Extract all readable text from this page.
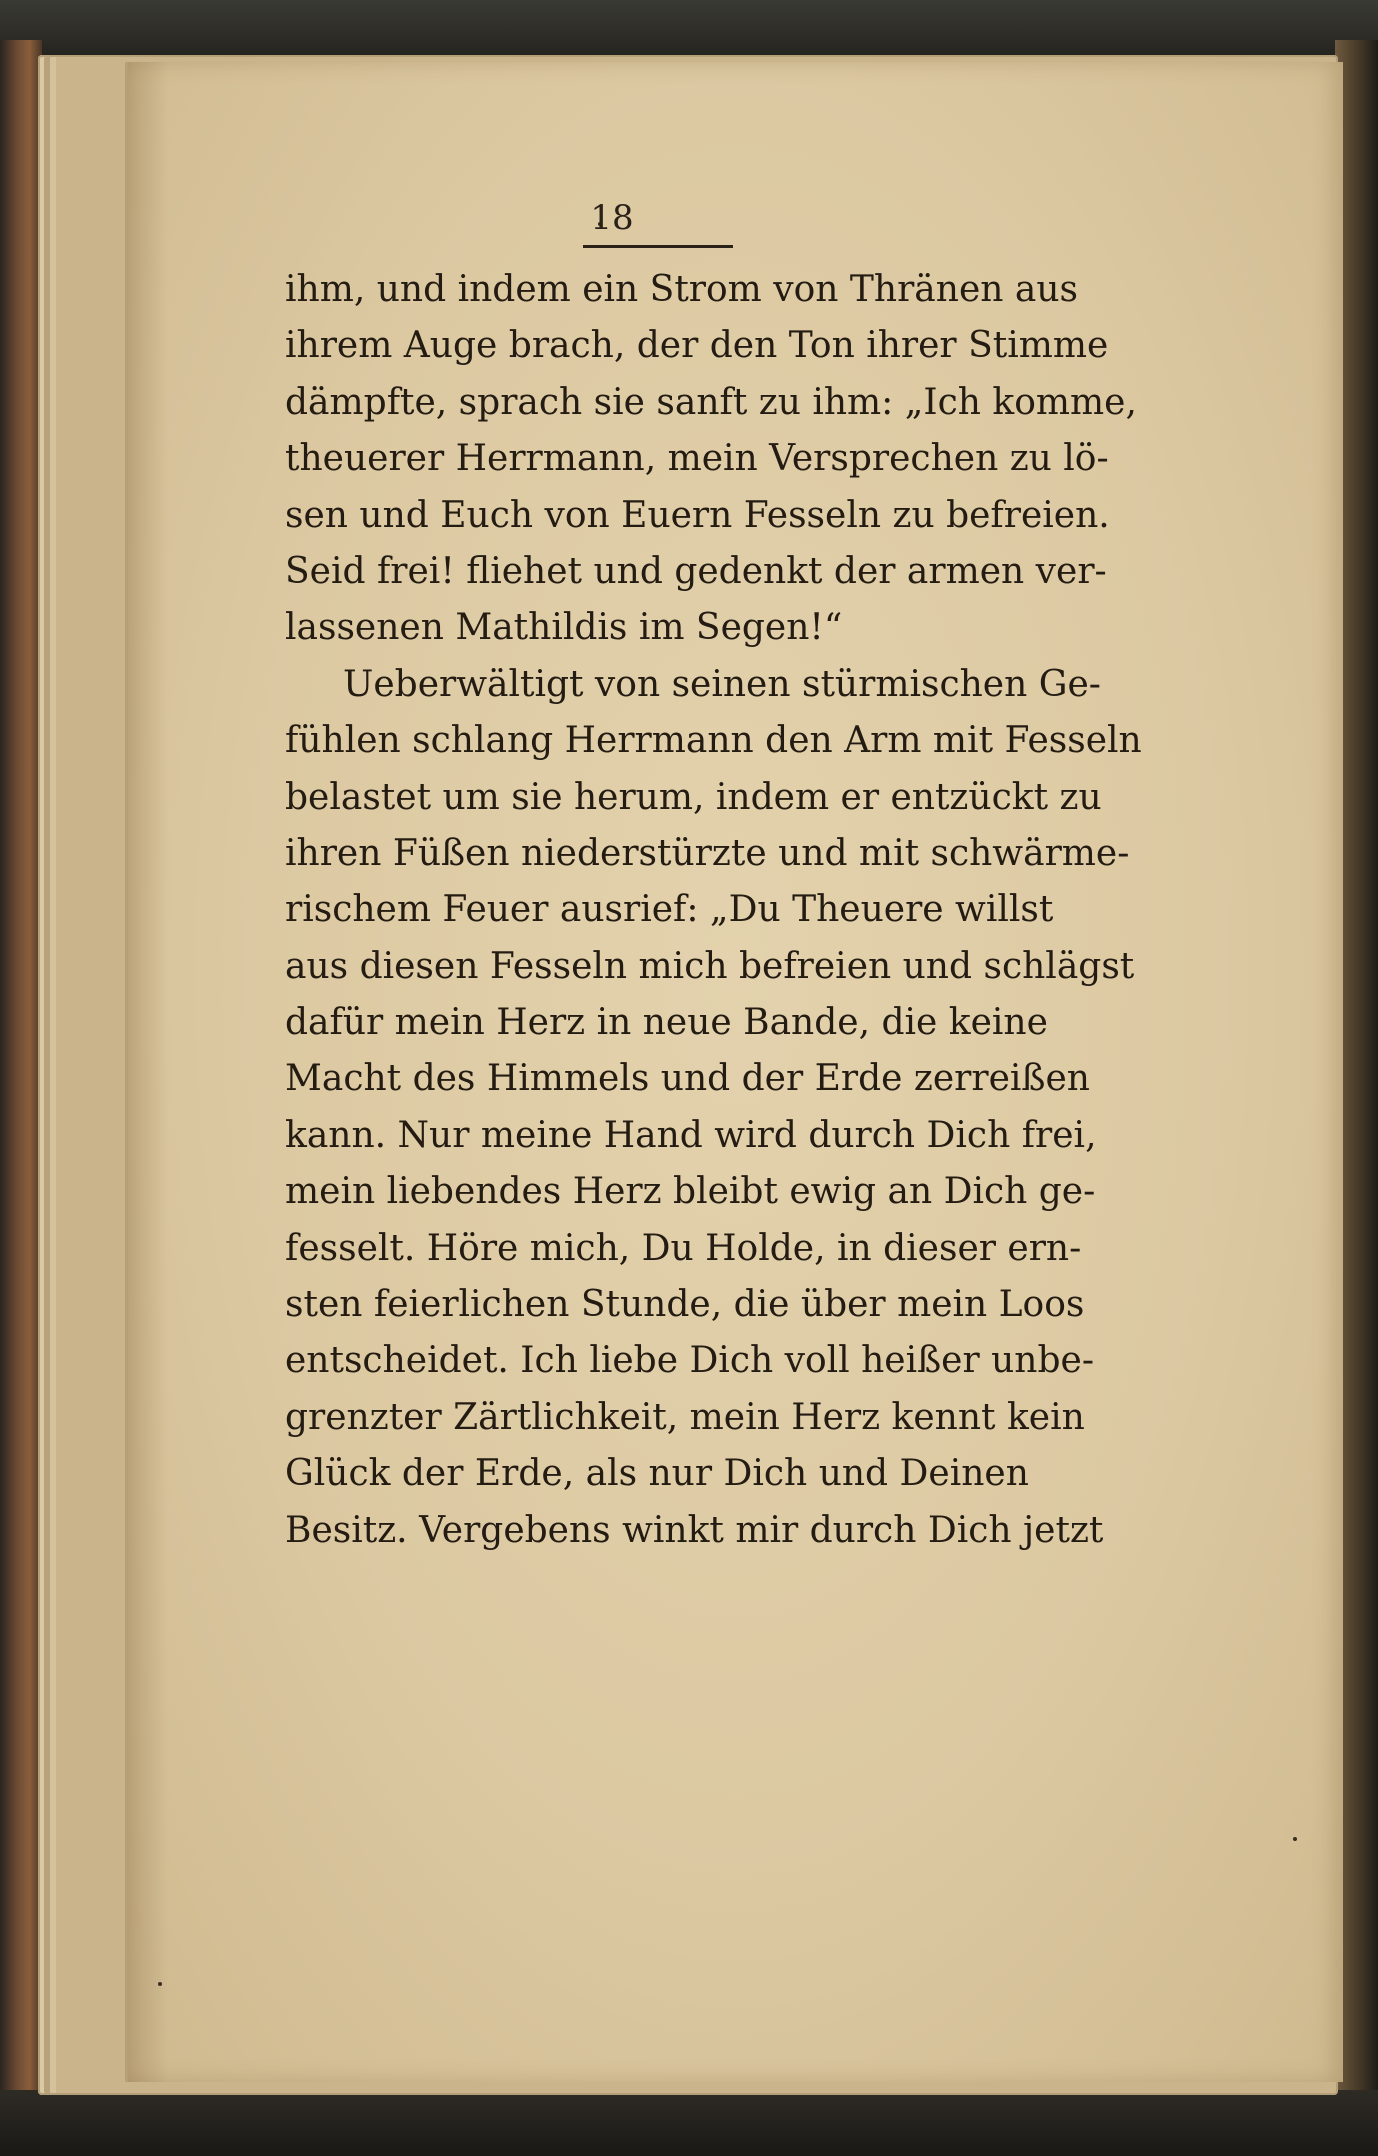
18
ihm, und indem ein Strom von Thränen aus
ihrem Auge brach, der den Ton ihrer Stimme
dämpfte, sprach sie sanft zu ihm: „Ich komme,
theuerer Herrmann, mein Versprechen zu lö-
sen und Euch von Euern Fesseln zu befreien.
Seid frei! fliehet und gedenkt der armen ver-
lassenen Mathildis im Segen!“
Ueberwältigt von seinen stürmischen Ge-
fühlen schlang Herrmann den Arm mit Fesseln
belastet um sie herum, indem er entzückt zu
ihren Füßen niederstürzte und mit schwärme-
rischem Feuer ausrief: „Du Theuere willst
aus diesen Fesseln mich befreien und schlägst
dafür mein Herz in neue Bande, die keine
Macht des Himmels und der Erde zerreißen
kann. Nur meine Hand wird durch Dich frei,
mein liebendes Herz bleibt ewig an Dich ge-
fesselt. Höre mich, Du Holde, in dieser ern-
sten feierlichen Stunde, die über mein Loos
entscheidet. Ich liebe Dich voll heißer unbe-
grenzter Zärtlichkeit, mein Herz kennt kein
Glück der Erde, als nur Dich und Deinen
Besitz. Vergebens winkt mir durch Dich jetzt
